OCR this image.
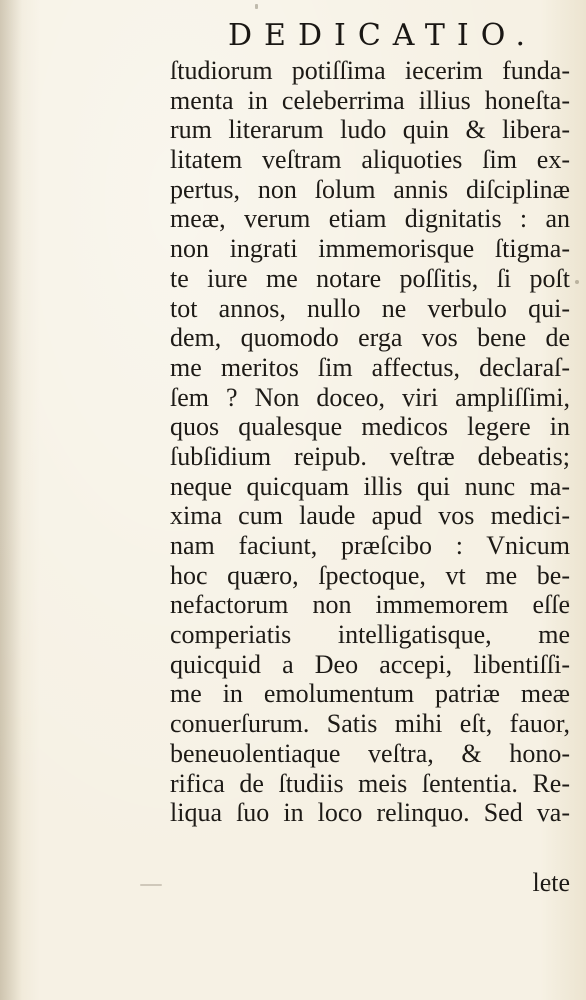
DEDICATIO.
ſtudiorum potiſſima iecerim funda-
menta in celeberrima illius honeſta-
rum literarum ludo quin & libera-
litatem veſtram aliquoties ſim ex-
pertus, non ſolum annis diſciplinæ
meæ, verum etiam dignitatis : an
non ingrati immemorisque ſtigma-
te iure me notare poſſitis, ſi poſt
tot annos, nullo ne verbulo qui-
dem, quomodo erga vos bene de
me meritos ſim affectus, declaraſ-
ſem ? Non doceo, viri ampliſſimi,
quos qualesque medicos legere in
ſubſidium reipub. veſtræ debeatis;
neque quicquam illis qui nunc ma-
xima cum laude apud vos medici-
nam faciunt, præſcibo : Vnicum
hoc quæro, ſpectoque, vt me be-
nefactorum non immemorem eſſe
comperiatis intelligatisque, me
quicquid a Deo accepi, libentiſſi-
me in emolumentum patriæ meæ
conuerſurum. Satis mihi eſt, fauor,
beneuolentiaque veſtra, & hono-
rifica de ſtudiis meis ſententia. Re-
liqua ſuo in loco relinquo. Sed va-
lete
